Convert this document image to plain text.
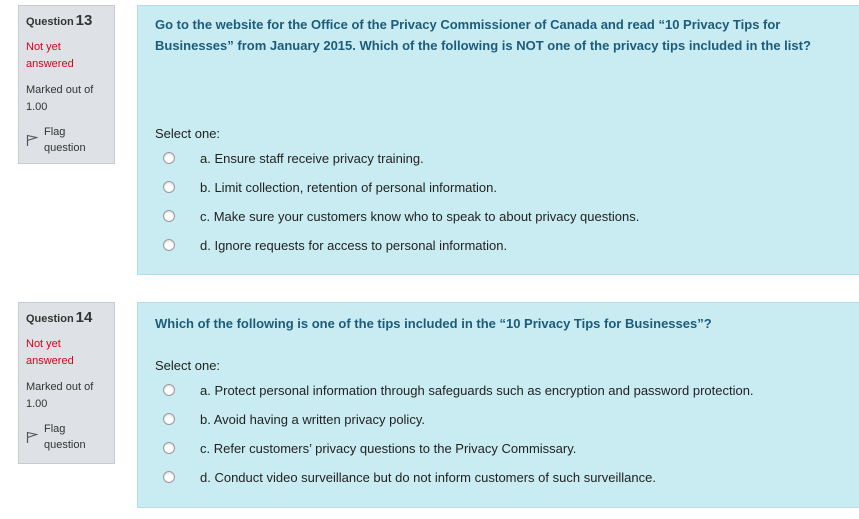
Question 13
Not yet answered
Marked out of 1.00
Flag question
Go to the website for the Office of the Privacy Commissioner of Canada and read “10 Privacy Tips for Businesses” from January 2015. Which of the following is NOT one of the privacy tips included in the list?
Select one:
a. Ensure staff receive privacy training.
b. Limit collection, retention of personal information.
c. Make sure your customers know who to speak to about privacy questions.
d. Ignore requests for access to personal information.
Question 14
Not yet answered
Marked out of 1.00
Flag question
Which of the following is one of the tips included in the “10 Privacy Tips for Businesses”?
Select one:
a. Protect personal information through safeguards such as encryption and password protection.
b. Avoid having a written privacy policy.
c. Refer customers’ privacy questions to the Privacy Commissary.
d. Conduct video surveillance but do not inform customers of such surveillance.
